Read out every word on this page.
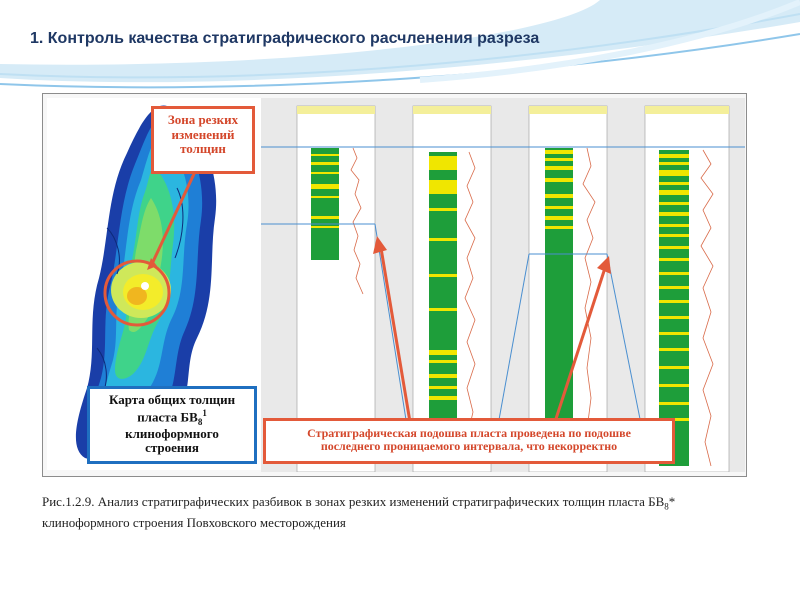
1. Контроль качества стратиграфического расчленения разреза
Зона резких
изменений
толщин
Карта общих толщин
пласта $БВ_8^1$
клиноформного
строения
Стратиграфическая подошва пласта проведена по подошве
последнего проницаемого интервала, что некорректно

Рис.1.2.9. Анализ стратиграфических разбивок в зонах резких изменений стратиграфических толщин пласта $БВ_8*$ клиноформного строения Повховского месторождения
